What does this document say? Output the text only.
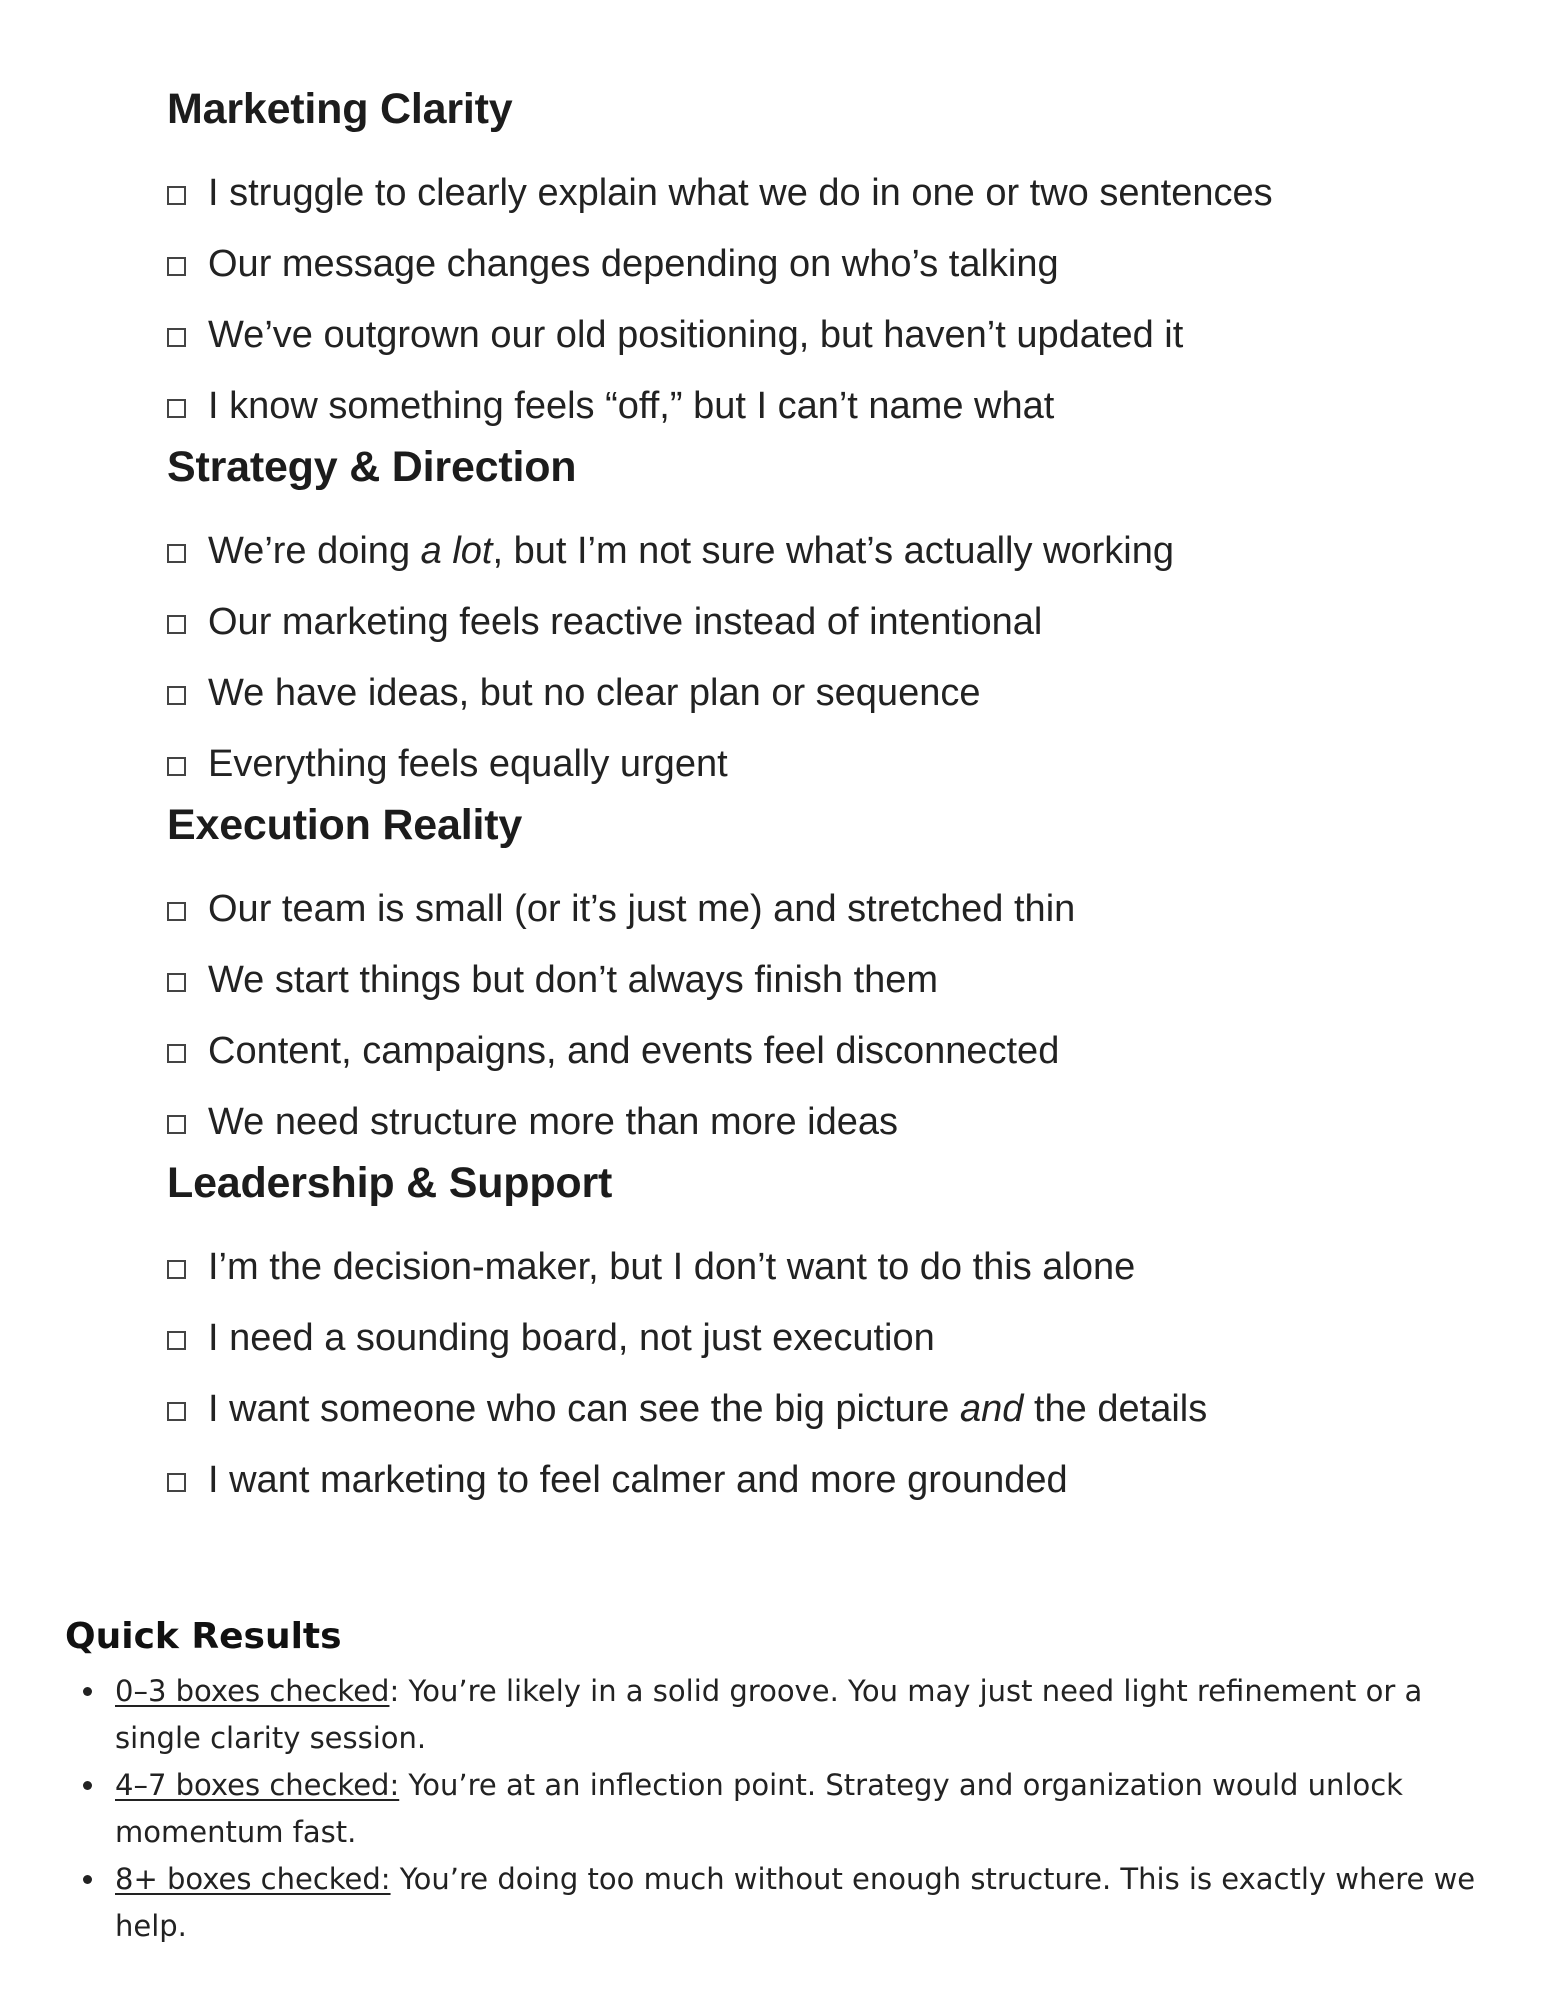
Marketing Clarity
I struggle to clearly explain what we do in one or two sentences
Our message changes depending on who’s talking
We’ve outgrown our old positioning, but haven’t updated it
I know something feels “off,” but I can’t name what
Strategy & Direction
We’re doing a lot, but I’m not sure what’s actually working
Our marketing feels reactive instead of intentional
We have ideas, but no clear plan or sequence
Everything feels equally urgent
Execution Reality
Our team is small (or it’s just me) and stretched thin
We start things but don’t always finish them
Content, campaigns, and events feel disconnected
We need structure more than more ideas
Leadership & Support
I’m the decision-maker, but I don’t want to do this alone
I need a sounding board, not just execution
I want someone who can see the big picture and the details
I want marketing to feel calmer and more grounded
Quick Results
0–3 boxes checked: You’re likely in a solid groove. You may just need light refinement or a single clarity session.
4–7 boxes checked: You’re at an inflection point. Strategy and organization would unlock momentum fast.
8+ boxes checked: You’re doing too much without enough structure. This is exactly where we help.
